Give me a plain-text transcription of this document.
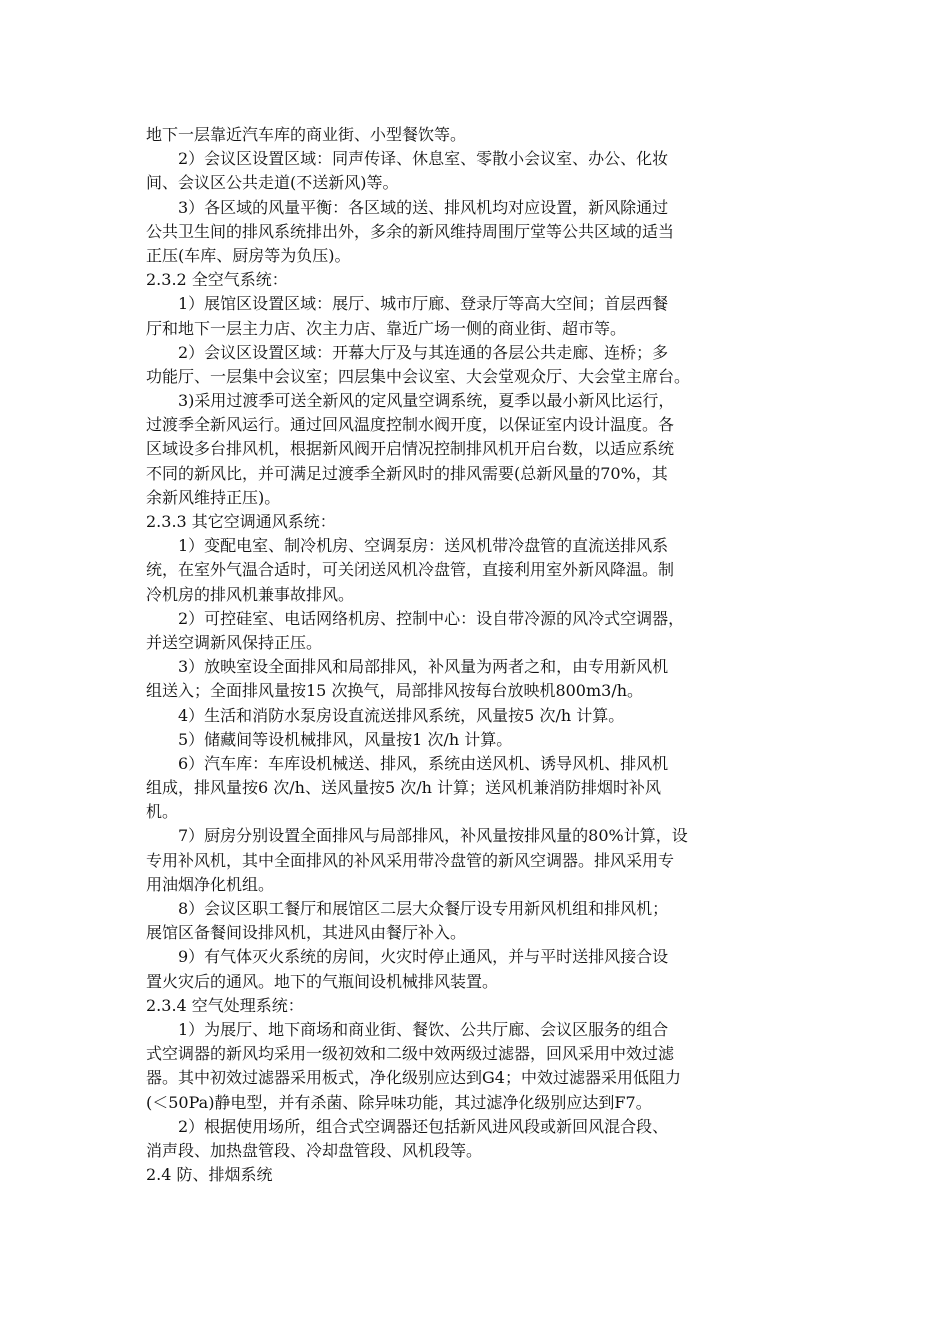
地下一层靠近汽车库的商业街、小型餐饮等。
2）会议区设置区域：同声传译、休息室、零散小会议室、办公、化妆
间、会议区公共走道(不送新风)等。
3）各区域的风量平衡：各区域的送、排风机均对应设置，新风除通过
公共卫生间的排风系统排出外，多余的新风维持周围厅堂等公共区域的适当
正压(车库、厨房等为负压)。
2.3.2 全空气系统：
1）展馆区设置区域：展厅、城市厅廊、登录厅等高大空间；首层西餐
厅和地下一层主力店、次主力店、靠近广场一侧的商业街、超市等。
2）会议区设置区域：开幕大厅及与其连通的各层公共走廊、连桥；多
功能厅、一层集中会议室；四层集中会议室、大会堂观众厅、大会堂主席台。
3)采用过渡季可送全新风的定风量空调系统，夏季以最小新风比运行，
过渡季全新风运行。通过回风温度控制水阀开度，以保证室内设计温度。各
区域设多台排风机，根据新风阀开启情况控制排风机开启台数，以适应系统
不同的新风比，并可满足过渡季全新风时的排风需要(总新风量的70%，其
余新风维持正压)。
2.3.3 其它空调通风系统：
1）变配电室、制冷机房、空调泵房：送风机带冷盘管的直流送排风系
统，在室外气温合适时，可关闭送风机冷盘管，直接利用室外新风降温。制
冷机房的排风机兼事故排风。
2）可控硅室、电话网络机房、控制中心：设自带冷源的风冷式空调器，
并送空调新风保持正压。
3）放映室设全面排风和局部排风，补风量为两者之和，由专用新风机
组送入；全面排风量按15 次换气，局部排风按每台放映机800m3/h。
4）生活和消防水泵房设直流送排风系统，风量按5 次/h 计算。
5）储藏间等设机械排风，风量按1 次/h 计算。
6）汽车库：车库设机械送、排风，系统由送风机、诱导风机、排风机
组成，排风量按6 次/h、送风量按5 次/h 计算；送风机兼消防排烟时补风
机。
7）厨房分别设置全面排风与局部排风，补风量按排风量的80%计算，设
专用补风机，其中全面排风的补风采用带冷盘管的新风空调器。排风采用专
用油烟净化机组。
8）会议区职工餐厅和展馆区二层大众餐厅设专用新风机组和排风机；
展馆区备餐间设排风机，其进风由餐厅补入。
9）有气体灭火系统的房间，火灾时停止通风，并与平时送排风接合设
置火灾后的通风。地下的气瓶间设机械排风装置。
2.3.4 空气处理系统：
1）为展厅、地下商场和商业街、餐饮、公共厅廊、会议区服务的组合
式空调器的新风均采用一级初效和二级中效两级过滤器，回风采用中效过滤
器。其中初效过滤器采用板式，净化级别应达到G4；中效过滤器采用低阻力
(＜50Pa)静电型，并有杀菌、除异味功能，其过滤净化级别应达到F7。
2）根据使用场所，组合式空调器还包括新风进风段或新回风混合段、
消声段、加热盘管段、冷却盘管段、风机段等。
2.4 防、排烟系统
